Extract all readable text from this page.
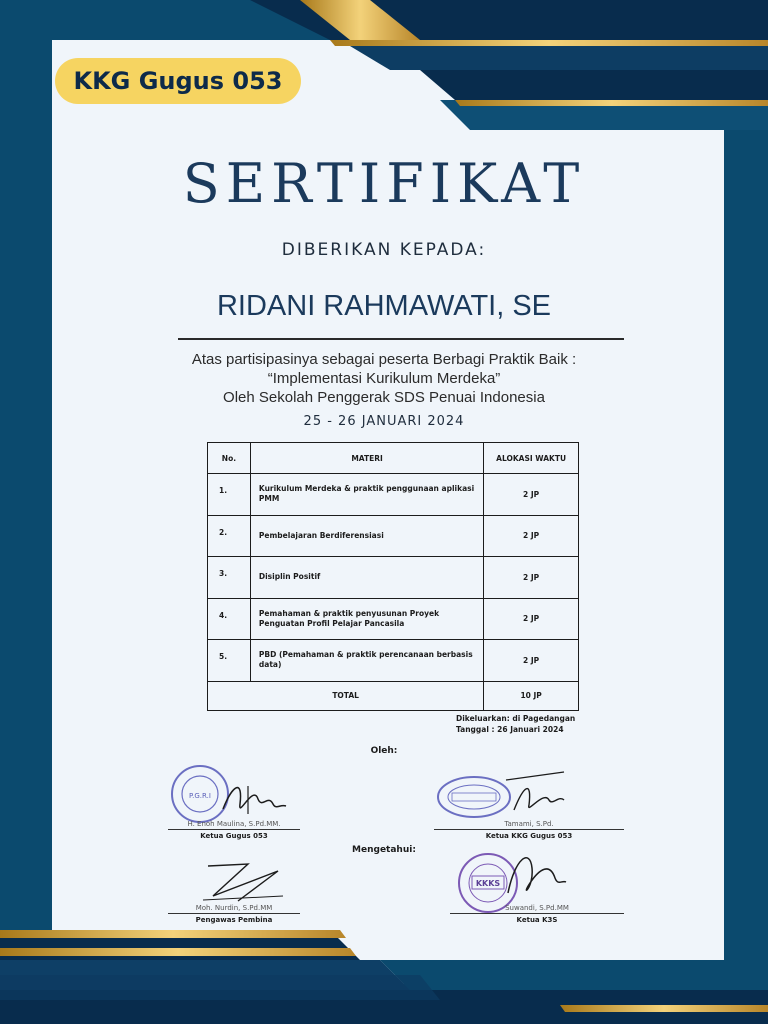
KKG Gugus 053
SERTIFIKAT
DIBERIKAN KEPADA:
RIDANI RAHMAWATI, SE
Atas partisipasinya sebagai peserta Berbagi Praktik Baik :
“Implementasi Kurikulum Merdeka”
Oleh Sekolah Penggerak SDS Penuai Indonesia
25 - 26 JANUARI 2024
No.	MATERI	ALOKASI WAKTU
1.	Kurikulum Merdeka & praktik penggunaan aplikasi PMM	2 JP
2.	Pembelajaran Berdiferensiasi	2 JP
3.	Disiplin Positif	2 JP
4.	Pemahaman & praktik penyusunan Proyek Penguatan Profil Pelajar Pancasila	2 JP
5.	PBD (Pemahaman & praktik perencanaan berbasis data)	2 JP
TOTAL		10 JP
Dikeluarkan: di Pagedangan
Tanggal : 26 Januari 2024
Oleh:
P.G.R.I
H. Enoh Maulina, S.Pd.MM.
Ketua Gugus 053
Tamami, S.Pd.
Ketua KKG Gugus 053
Mengetahui:
Moh. Nurdin, S.Pd.MM
Pengawas Pembina
KKKS
Suwandi, S.Pd.MM
Ketua K3S
